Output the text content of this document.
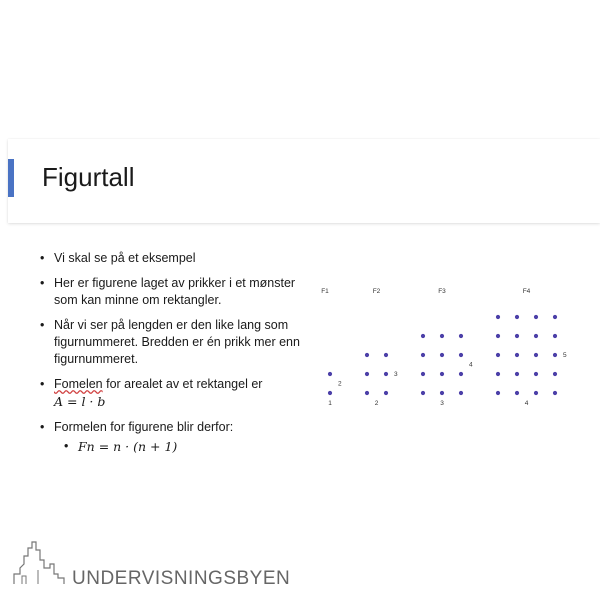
Figurtall
• Vi skal se på et eksempel
• Her er figurene laget av prikker i et mønster som kan minne om rektangler.
• Når vi ser på lengden er den like lang som figurnummeret. Bredden er én prikk mer enn figurnummeret.
• Fomelen for arealet av et rektangel er
A = l · b
• Formelen for figurene blir derfor:
• Fn = n · (n + 1)
F1
1
2
F2
2
3
F3
3
4
F4
4
5
UNDERVISNINGSBYEN
